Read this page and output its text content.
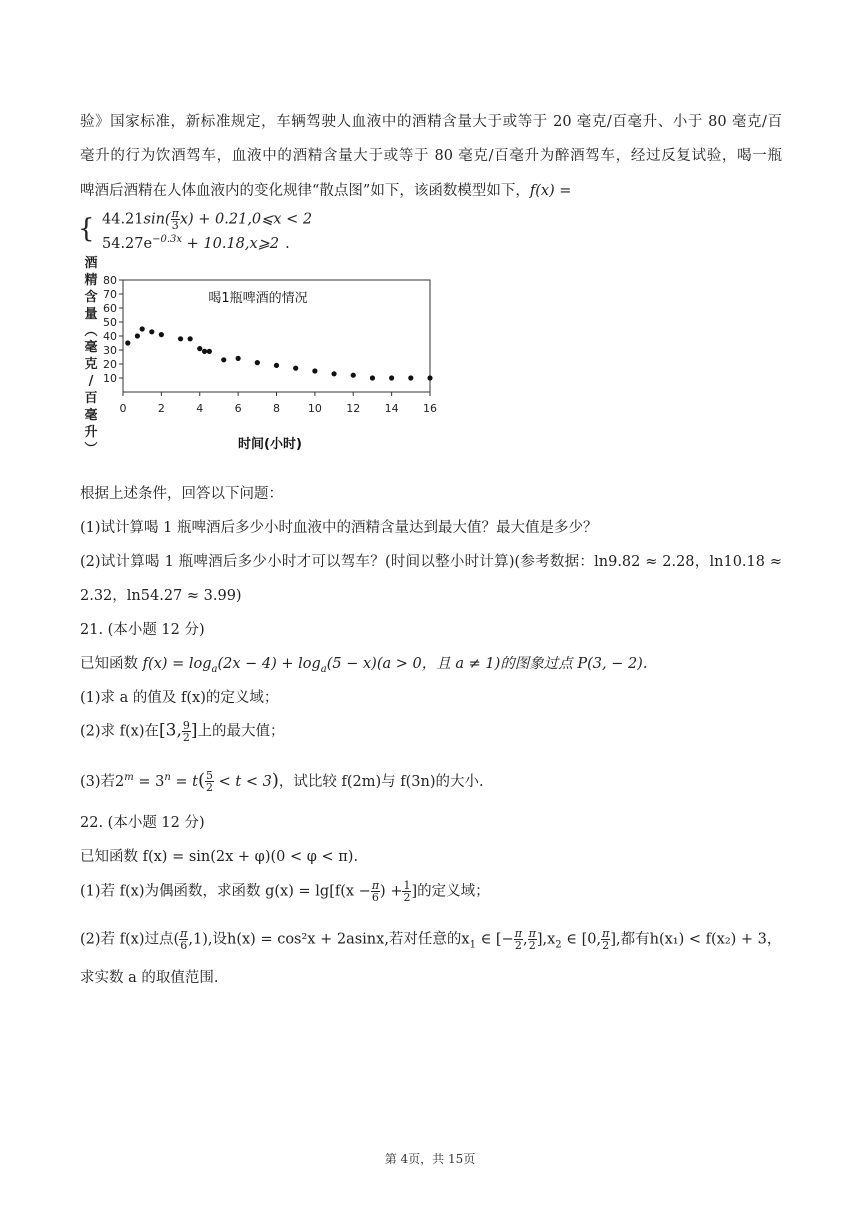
验》国家标准，新标准规定，车辆驾驶人血液中的酒精含量大于或等于 20 毫克/百毫升、小于 80 毫克/百
毫升的行为饮酒驾车，血液中的酒精含量大于或等于 80 毫克/百毫升为醉酒驾车，经过反复试验，喝一瓶
啤酒后酒精在人体血液内的变化规律“散点图”如下，该函数模型如下，f(x) =
{ $44.21\sin( \frac{\pi}{3} x)$ + 0.21,0⩽x < 2
$54.27e^{-0.3x}$ + 10.18,x⩾2 .
酒
精
含
量
︵
毫
克
/
百
毫
升
︶
10
20
30
40
50
60
70
80
0	2	4	6	8	10 12 14 16
喝1瓶啤酒的情况
时间(小时)
根据上述条件，回答以下问题：
(1)试计算喝 1 瓶啤酒后多少小时血液中的酒精含量达到最大值？最大值是多少？
(2)试计算喝 1 瓶啤酒后多少小时才可以驾车？(时间以整小时计算)(参考数据：ln9.82 ≈ 2.28，ln10.18 ≈
2.32，ln54.27 ≈ 3.99)
21. (本小题 12 分)
已知函数 $f(x) = \log_a(2x - 4) + \log_a(5 - x)(a > 0$，且 a ≠ 1)的图象过点 P(3, − 2).
(1)求 a 的值及 f(x)的定义域；
(2)求 f(x)在[3, $\frac{9}{2}$ ]上的最大值；
(3)若$2^m = 3^n = t( \frac{5}{2} < t < 3)$，试比较 f(2m)与 f(3n)的大小.
22. (本小题 12 分)
已知函数 f(x) = sin(2x + φ)(0 < φ < π).
(1)若 f(x)为偶函数，求函数 $g(x) = \lg[f(x - \frac{\pi}{6}$ ) + $\frac{1}{2}$ ]的定义域；
(2)若 f(x)过点( $\frac{\pi}{6} ,1$),设h(x) = cos²x + 2asinx,若对任意的$x_1$ ∈ [− $\frac{\pi}{2}$ , $\frac{\pi}{2} ],x_2$ ∈ [0, $\frac{\pi}{2}$ ],都有h(x₁) < f(x₂) + 3，
求实数 a 的取值范围.
第 4页，共 15页
